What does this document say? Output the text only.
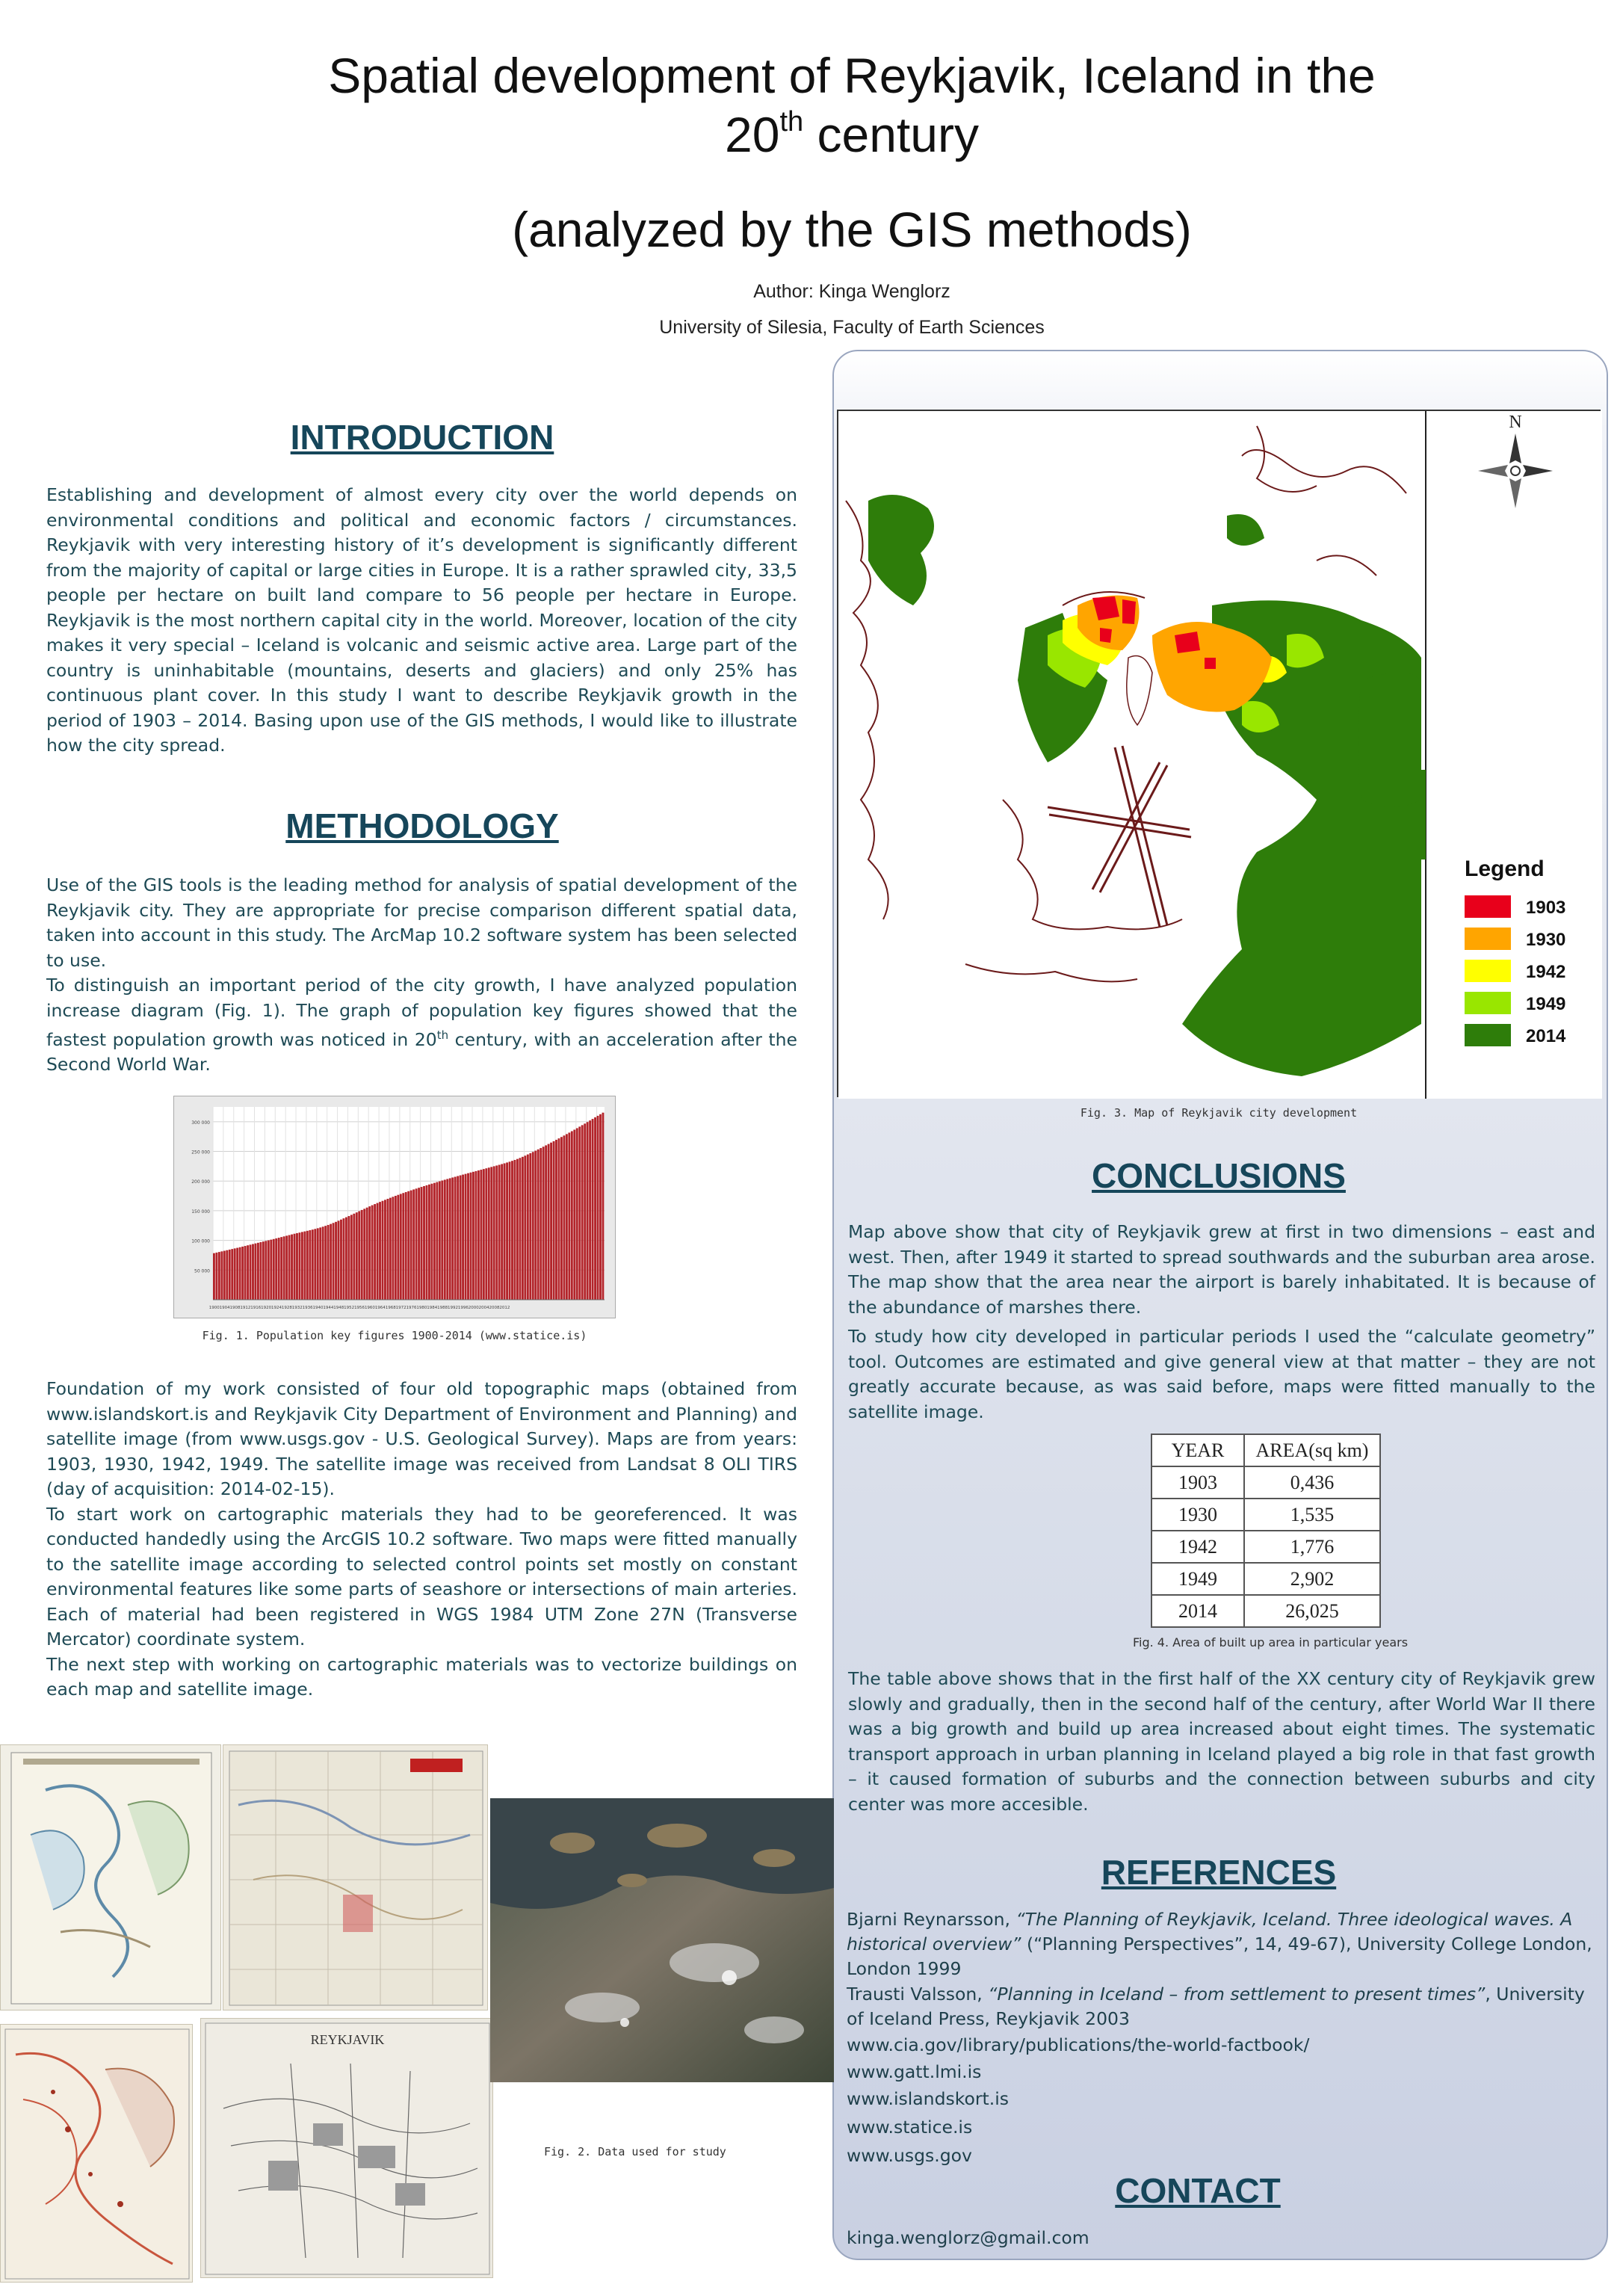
Spatial development of Reykjavik, Iceland in the
20th century
(analyzed by the GIS methods)
Author: Kinga Wenglorz
University of Silesia, Faculty of Earth Sciences
INTRODUCTION

Establishing and development of almost every city over the world depends on environmental conditions and political and economic factors / circumstances. Reykjavik with very interesting history of it’s development is significantly different from the majority of capital or large cities in Europe. It is a rather sprawled city, 33,5 people per hectare on built land compare to 56 people per hectare in Europe. Reykjavik is the most northern capital city in the world. Moreover, location of the city makes it very special – Iceland is volcanic and seismic active area. Large part of the country is uninhabitable (mountains, deserts and glaciers) and only 25% has continuous plant cover. In this study I want to describe Reykjavik growth in the period of 1903 – 2014. Basing upon use of the GIS methods, I would like to illustrate how the city spread.

METHODOLOGY

Use of the GIS tools is the leading method for analysis of spatial development of the Reykjavik city. They are appropriate for precise comparison different spatial data, taken into account in this study. The ArcMap 10.2 software system has been selected to use.

To distinguish an important period of the city growth, I have analyzed population increase diagram (Fig. 1). The graph of population key figures showed that the fastest population growth was noticed in 20th century, with an acceleration after the Second World War.

50 000
100 000
150 000
200 000
250 000
300 000
1900 1904 1908 1912 1916 1920 1924 1928 1932 1936 1940 1944 1948 1952 1956 1960 1964 1968 1972 1976 1980 1984 1988 1992 1996 2000 2004 2008 2012
Fig. 1. Population key figures 1900-2014 (www.statice.is)

Foundation of my work consisted of four old topographic maps (obtained from www.islandskort.is and Reykjavik City Department of Environment and Planning) and satellite image (from www.usgs.gov - U.S. Geological Survey). Maps are from years: 1903, 1930, 1942, 1949. The satellite image was received from Landsat 8 OLI TIRS (day of acquisition: 2014-02-15).

To start work on cartographic materials they had to be georeferenced. It was conducted handedly using the ArcGIS 10.2 software. Two maps were fitted manually to the satellite image according to selected control points set mostly on constant environmental features like some parts of seashore or intersections of main arteries. Each of material had been registered in WGS 1984 UTM Zone 27N (Transverse Mercator) coordinate system.

The next step with working on cartographic materials was to vectorize buildings on each map and satellite image.

REYKJAVIK
Fig. 2. Data used for study
N
Legend
1903
1930
1942
1949
2014
Fig. 3. Map of Reykjavik city development
CONCLUSIONS

Map above show that city of Reykjavik grew at first in two dimensions – east and west. Then, after 1949 it started to spread southwards and the suburban area arose. The map show that the area near the airport is barely inhabitated. It is because of the abundance of marshes there.

To study how city developed in particular periods I used the “calculate geometry” tool. Outcomes are estimated and give general view at that matter – they are not greatly accurate because, as was said before, maps were fitted manually to the satellite image.

YEAR	AREA(sq km)
1903	0,436
1930	1,535
1942	1,776
1949	2,902
2014	26,025
Fig. 4. Area of built up area in particular years

The table above shows that in the first half of the XX century city of Reykjavik grew slowly and gradually, then in the second half of the century, after World War II there was a big growth and build up area increased about eight times. The systematic transport approach in urban planning in Iceland played a big role in that fast growth – it caused formation of suburbs and the connection between suburbs and city center was more accesible.

REFERENCES
Bjarni Reynarsson, “The Planning of Reykjavik, Iceland. Three ideological waves. A historical overview” (“Planning Perspectives”, 14, 49-67), University College London, London 1999
Trausti Valsson, “Planning in Iceland – from settlement to present times”, University of Iceland Press, Reykjavik 2003
www.cia.gov/library/publications/the-world-factbook/
www.gatt.lmi.is
www.islandskort.is
www.statice.is
www.usgs.gov
CONTACT
kinga.wenglorz@gmail.com
